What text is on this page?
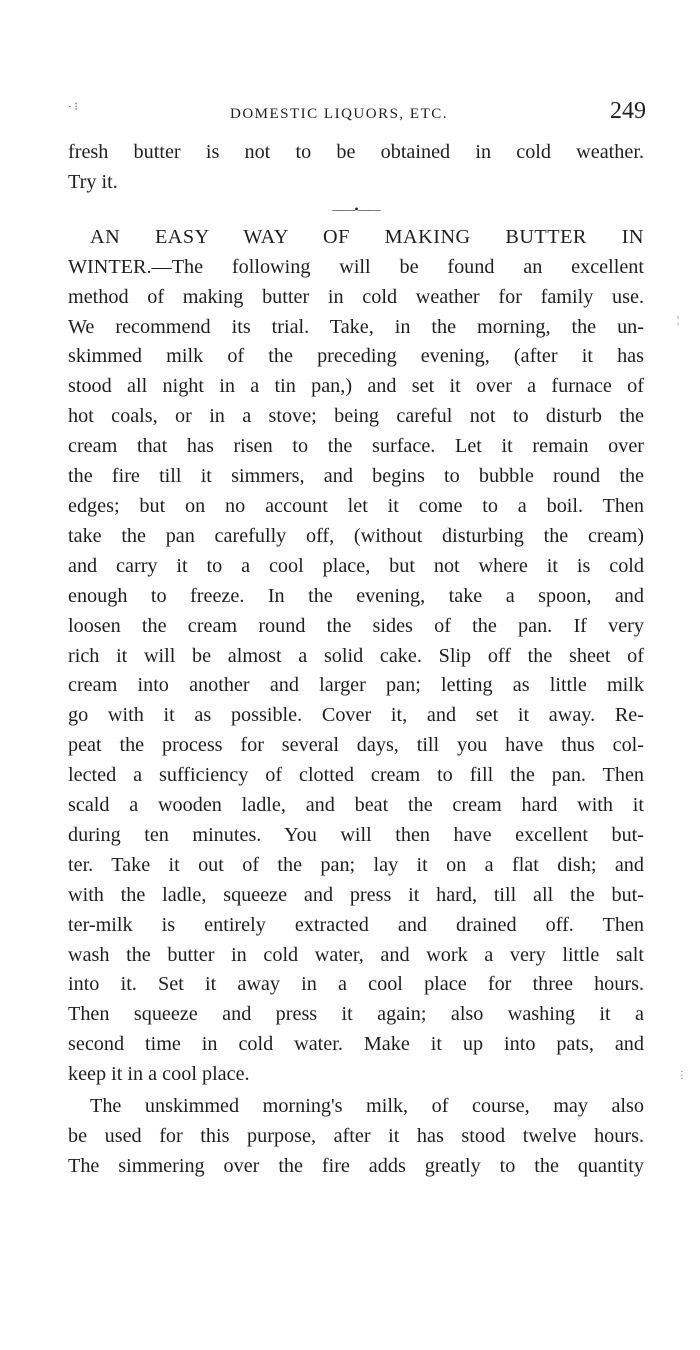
· ⁝	DOMESTIC LIQUORS, ETC.	249

fresh butter is not to be obtained in cold weather.
Try it.

——•——

AN EASY WAY OF MAKING BUTTER IN
WINTER.—The following will be found an excellent
method of making butter in cold weather for family use.
We recommend its trial. Take, in the morning, the un-
skimmed milk of the preceding evening, (after it has
stood all night in a tin pan,) and set it over a furnace of
hot coals, or in a stove; being careful not to disturb the
cream that has risen to the surface. Let it remain over
the fire till it simmers, and begins to bubble round the
edges; but on no account let it come to a boil. Then
take the pan carefully off, (without disturbing the cream)
and carry it to a cool place, but not where it is cold
enough to freeze. In the evening, take a spoon, and
loosen the cream round the sides of the pan. If very
rich it will be almost a solid cake. Slip off the sheet of
cream into another and larger pan; letting as little milk
go with it as possible. Cover it, and set it away. Re-
peat the process for several days, till you have thus col-
lected a sufficiency of clotted cream to fill the pan. Then
scald a wooden ladle, and beat the cream hard with it
during ten minutes. You will then have excellent but-
ter. Take it out of the pan; lay it on a flat dish; and
with the ladle, squeeze and press it hard, till all the but-
ter-milk is entirely extracted and drained off. Then
wash the butter in cold water, and work a very little salt
into it. Set it away in a cool place for three hours.
Then squeeze and press it again; also washing it a
second time in cold water. Make it up into pats, and
keep it in a cool place.

The unskimmed morning's milk, of course, may also
be used for this purpose, after it has stood twelve hours.
The simmering over the fire adds greatly to the quantity

¦
⋮
